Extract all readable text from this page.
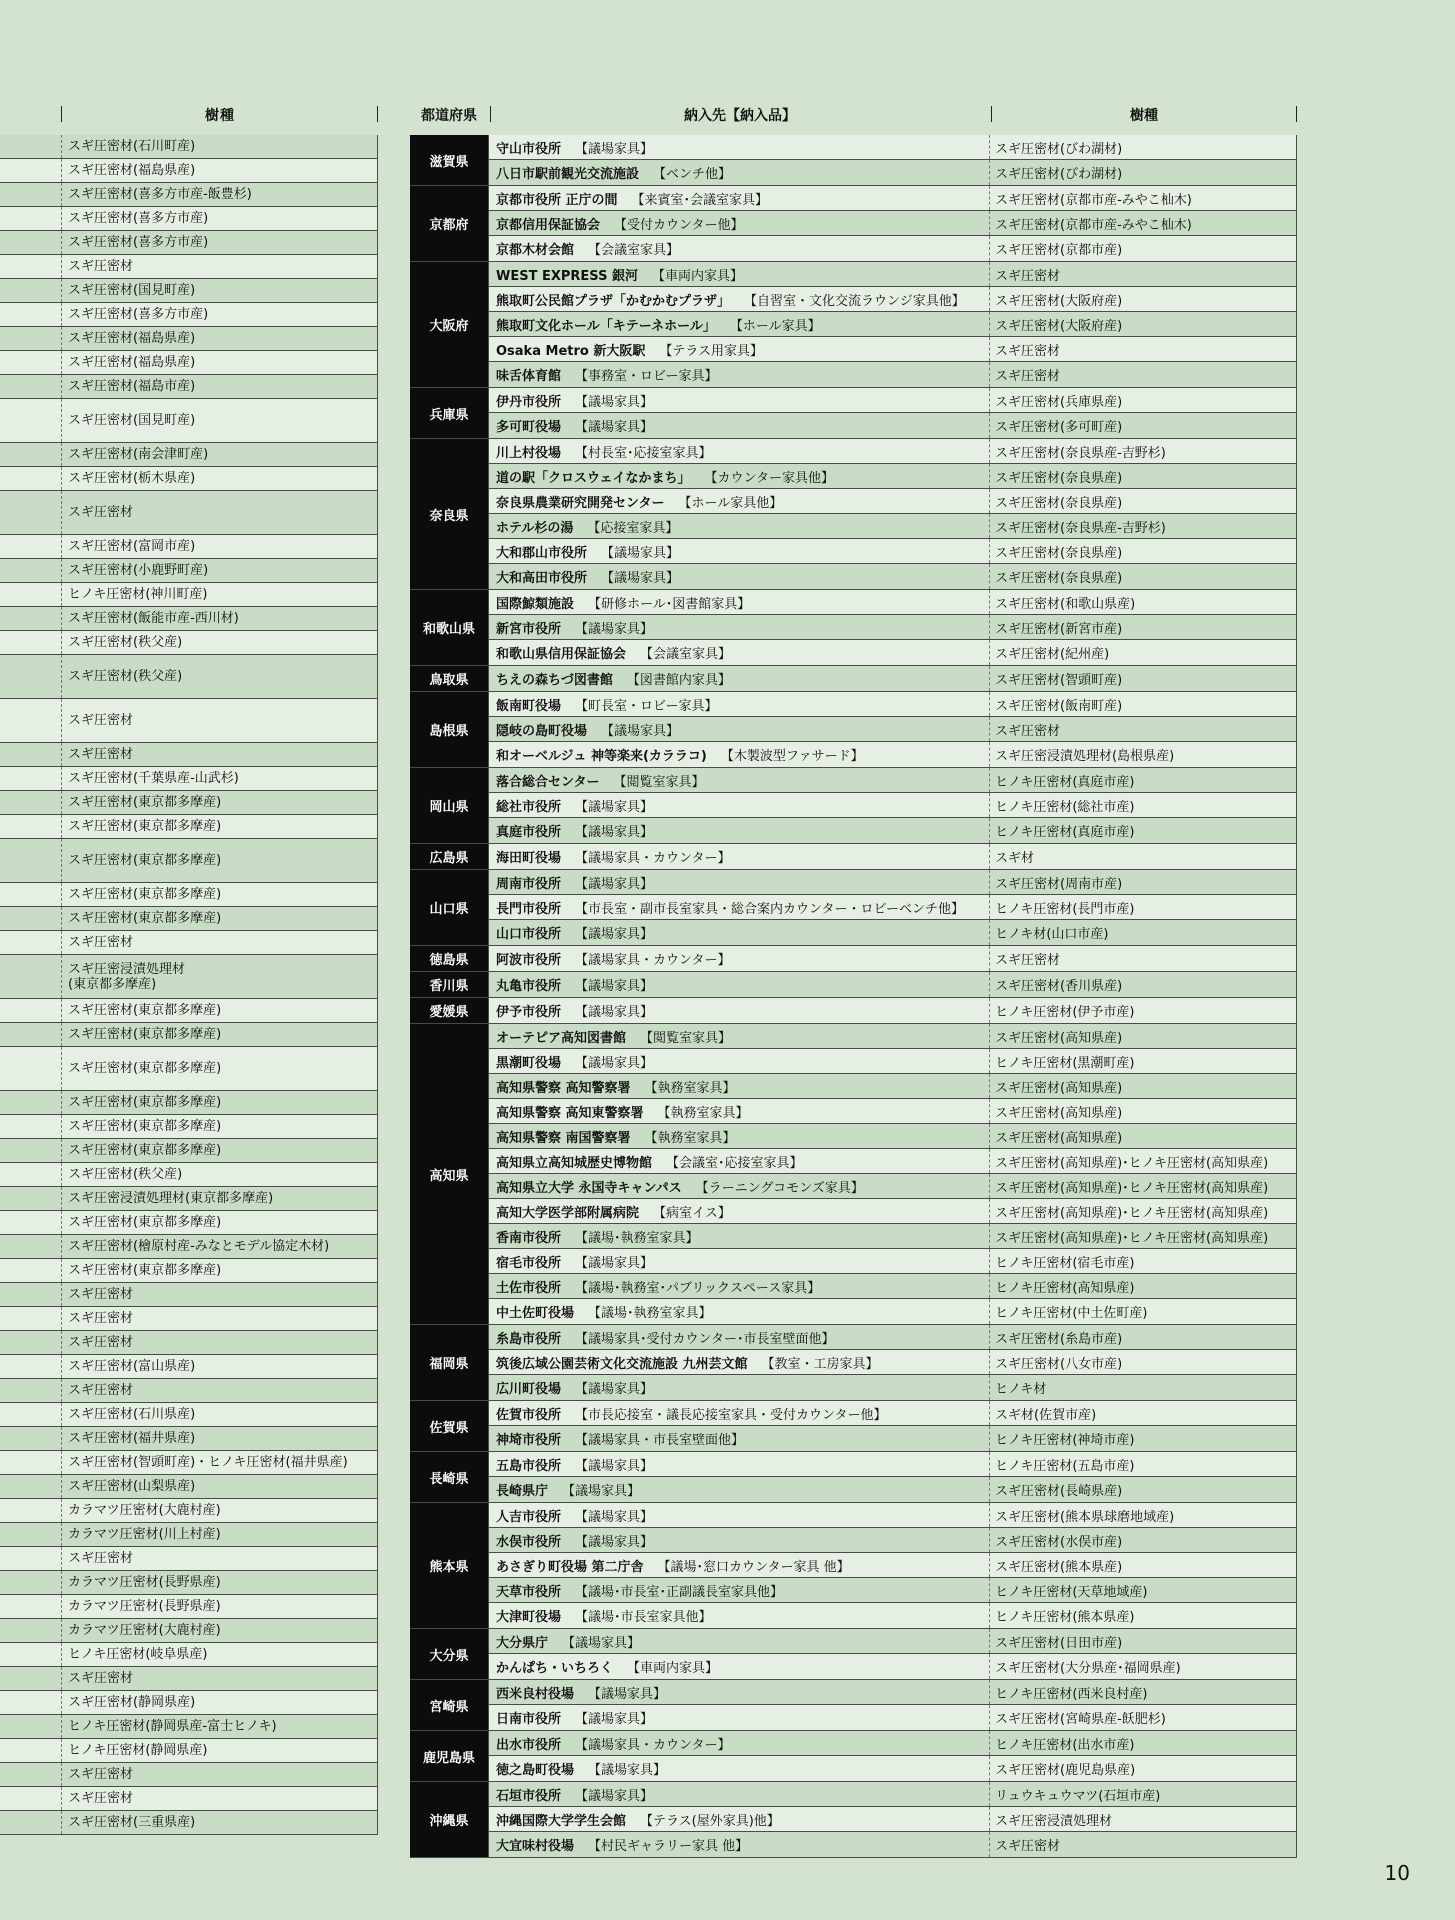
樹種
スギ圧密材(石川町産)
スギ圧密材(福島県産)
スギ圧密材(喜多方市産-飯豊杉)
スギ圧密材(喜多方市産)
スギ圧密材(喜多方市産)
スギ圧密材
スギ圧密材(国見町産)
スギ圧密材(喜多方市産)
スギ圧密材(福島県産)
スギ圧密材(福島県産)
スギ圧密材(福島市産)
スギ圧密材(国見町産)
スギ圧密材(南会津町産)
スギ圧密材(栃木県産)
スギ圧密材
スギ圧密材(富岡市産)
スギ圧密材(小鹿野町産)
ヒノキ圧密材(神川町産)
スギ圧密材(飯能市産-西川材)
スギ圧密材(秩父産)
スギ圧密材(秩父産)
スギ圧密材
スギ圧密材
スギ圧密材(千葉県産-山武杉)
スギ圧密材(東京都多摩産)
スギ圧密材(東京都多摩産)
スギ圧密材(東京都多摩産)
スギ圧密材(東京都多摩産)
スギ圧密材(東京都多摩産)
スギ圧密材
スギ圧密浸漬処理材
(東京都多摩産)
スギ圧密材(東京都多摩産)
スギ圧密材(東京都多摩産)
スギ圧密材(東京都多摩産)
スギ圧密材(東京都多摩産)
スギ圧密材(東京都多摩産)
スギ圧密材(東京都多摩産)
スギ圧密材(秩父産)
スギ圧密浸漬処理材(東京都多摩産)
スギ圧密材(東京都多摩産)
スギ圧密材(檜原村産-みなとモデル協定木材)
スギ圧密材(東京都多摩産)
スギ圧密材
スギ圧密材
スギ圧密材
スギ圧密材(富山県産)
スギ圧密材
スギ圧密材(石川県産)
スギ圧密材(福井県産)
スギ圧密材(智頭町産)・ヒノキ圧密材(福井県産)
スギ圧密材(山梨県産)
カラマツ圧密材(大鹿村産)
カラマツ圧密材(川上村産)
スギ圧密材
カラマツ圧密材(長野県産)
カラマツ圧密材(長野県産)
カラマツ圧密材(大鹿村産)
ヒノキ圧密材(岐阜県産)
スギ圧密材
スギ圧密材(静岡県産)
ヒノキ圧密材(静岡県産-富士ヒノキ)
ヒノキ圧密材(静岡県産)
スギ圧密材
スギ圧密材
スギ圧密材(三重県産)
都道府県	納入先【納入品】	樹種
滋賀県
守山市役所 【議場家具】	スギ圧密材(びわ湖材)
八日市駅前観光交流施設 【ベンチ他】	スギ圧密材(びわ湖材)
京都府
京都市役所 正庁の間 【来賓室･会議室家具】	スギ圧密材(京都市産-みやこ杣木)
京都信用保証協会 【受付カウンター他】	スギ圧密材(京都市産-みやこ杣木)
京都木材会館 【会議室家具】	スギ圧密材(京都市産)
大阪府
WEST EXPRESS 銀河 【車両内家具】	スギ圧密材
熊取町公民館プラザ「かむかむプラザ」 【自習室・文化交流ラウンジ家具他】	スギ圧密材(大阪府産)
熊取町文化ホール「キテーネホール」 【ホール家具】	スギ圧密材(大阪府産)
Osaka Metro 新大阪駅 【テラス用家具】	スギ圧密材
味舌体育館 【事務室・ロビー家具】	スギ圧密材
兵庫県
伊丹市役所 【議場家具】	スギ圧密材(兵庫県産)
多可町役場 【議場家具】	スギ圧密材(多可町産)
奈良県
川上村役場 【村長室･応接室家具】	スギ圧密材(奈良県産-吉野杉)
道の駅「クロスウェイなかまち」 【カウンター家具他】	スギ圧密材(奈良県産)
奈良県農業研究開発センター 【ホール家具他】	スギ圧密材(奈良県産)
ホテル杉の湯 【応接室家具】	スギ圧密材(奈良県産-吉野杉)
大和郡山市役所 【議場家具】	スギ圧密材(奈良県産)
大和高田市役所 【議場家具】	スギ圧密材(奈良県産)
和歌山県
国際鯨類施設 【研修ホール･図書館家具】	スギ圧密材(和歌山県産)
新宮市役所 【議場家具】	スギ圧密材(新宮市産)
和歌山県信用保証協会 【会議室家具】	スギ圧密材(紀州産)
鳥取県	ちえの森ちづ図書館 【図書館内家具】	スギ圧密材(智頭町産)
島根県
飯南町役場 【町長室・ロビー家具】	スギ圧密材(飯南町産)
隠岐の島町役場 【議場家具】	スギ圧密材
和オーベルジュ 神等楽来(カララコ) 【木製波型ファサード】	スギ圧密浸漬処理材(島根県産)
岡山県
落合総合センター 【閲覧室家具】	ヒノキ圧密材(真庭市産)
総社市役所 【議場家具】	ヒノキ圧密材(総社市産)
真庭市役所 【議場家具】	ヒノキ圧密材(真庭市産)
広島県	海田町役場 【議場家具・カウンター】	スギ材
山口県
周南市役所 【議場家具】	スギ圧密材(周南市産)
長門市役所 【市長室・副市長室家具・総合案内カウンター・ロビーベンチ他】	ヒノキ圧密材(長門市産)
山口市役所 【議場家具】	ヒノキ材(山口市産)
徳島県	阿波市役所 【議場家具・カウンター】	スギ圧密材
香川県	丸亀市役所 【議場家具】	スギ圧密材(香川県産)
愛媛県	伊予市役所 【議場家具】	ヒノキ圧密材(伊予市産)
高知県
オーテピア高知図書館 【閲覧室家具】	スギ圧密材(高知県産)
黒潮町役場 【議場家具】	ヒノキ圧密材(黒潮町産)
高知県警察 高知警察署 【執務室家具】	スギ圧密材(高知県産)
高知県警察 高知東警察署 【執務室家具】	スギ圧密材(高知県産)
高知県警察 南国警察署 【執務室家具】	スギ圧密材(高知県産)
高知県立高知城歴史博物館 【会議室･応接室家具】	スギ圧密材(高知県産)･ヒノキ圧密材(高知県産)
高知県立大学 永国寺キャンパス 【ラーニングコモンズ家具】	スギ圧密材(高知県産)･ヒノキ圧密材(高知県産)
高知大学医学部附属病院 【病室イス】	スギ圧密材(高知県産)･ヒノキ圧密材(高知県産)
香南市役所 【議場･執務室家具】	スギ圧密材(高知県産)･ヒノキ圧密材(高知県産)
宿毛市役所 【議場家具】	ヒノキ圧密材(宿毛市産)
土佐市役所 【議場･執務室･パブリックスペース家具】	ヒノキ圧密材(高知県産)
中土佐町役場 【議場･執務室家具】	ヒノキ圧密材(中土佐町産)
福岡県
糸島市役所 【議場家具･受付カウンター･市長室壁面他】	スギ圧密材(糸島市産)
筑後広域公園芸術文化交流施設 九州芸文館 【教室・工房家具】	スギ圧密材(八女市産)
広川町役場 【議場家具】	ヒノキ材
佐賀県
佐賀市役所 【市長応接室・議長応接室家具・受付カウンター他】	スギ材(佐賀市産)
神埼市役所 【議場家具・市長室壁面他】	ヒノキ圧密材(神埼市産)
長崎県
五島市役所 【議場家具】	ヒノキ圧密材(五島市産)
長崎県庁 【議場家具】	スギ圧密材(長崎県産)
熊本県
人吉市役所 【議場家具】	スギ圧密材(熊本県球磨地域産)
水俣市役所 【議場家具】	スギ圧密材(水俣市産)
あさぎり町役場 第二庁舎 【議場･窓口カウンター家具 他】	スギ圧密材(熊本県産)
天草市役所 【議場･市長室･正副議長室家具他】	ヒノキ圧密材(天草地域産)
大津町役場 【議場･市長室家具他】	ヒノキ圧密材(熊本県産)
大分県
大分県庁 【議場家具】	スギ圧密材(日田市産)
かんぱち・いちろく 【車両内家具】	スギ圧密材(大分県産･福岡県産)
宮崎県
西米良村役場 【議場家具】	ヒノキ圧密材(西米良村産)
日南市役所 【議場家具】	スギ圧密材(宮崎県産-飫肥杉)
鹿児島県
出水市役所 【議場家具・カウンター】	ヒノキ圧密材(出水市産)
徳之島町役場 【議場家具】	スギ圧密材(鹿児島県産)
沖縄県
石垣市役所 【議場家具】	リュウキュウマツ(石垣市産)
沖縄国際大学学生会館 【テラス(屋外家具)他】	スギ圧密浸漬処理材
大宜味村役場 【村民ギャラリー家具 他】	スギ圧密材
10
